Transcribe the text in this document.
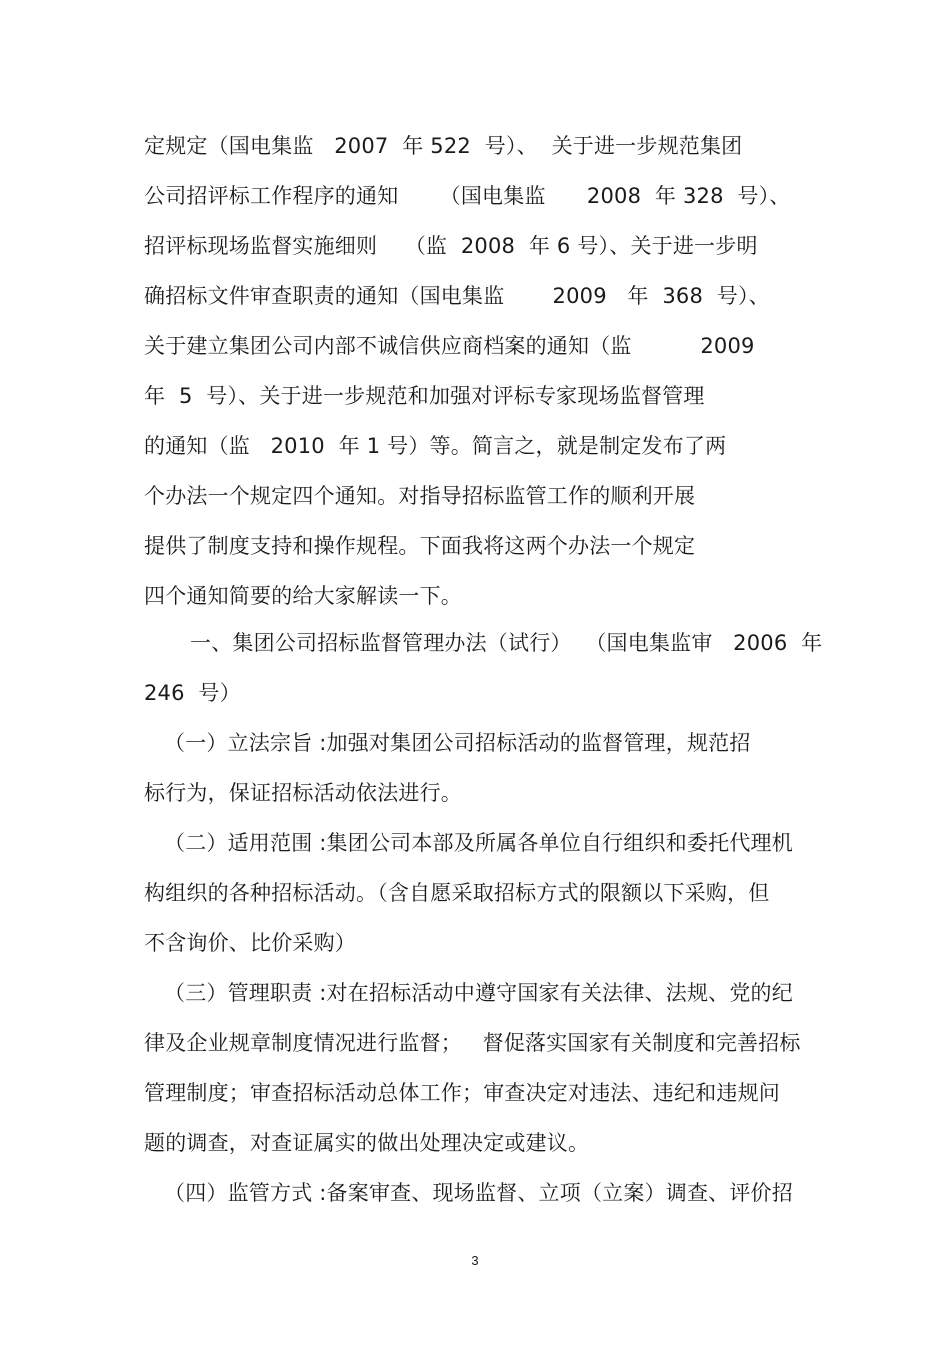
定规定（国电集监   2007  年 522  号）、  关于进一步规范集团
公司招评标工作程序的通知      （国电集监      2008  年 328  号）、
招评标现场监督实施细则    （监  2008  年 6 号）、关于进一步明
确招标文件审查职责的通知（国电集监       2009   年  368  号）、
关于建立集团公司内部不诚信供应商档案的通知（监          2009
年  5  号）、关于进一步规范和加强对评标专家现场监督管理
的通知（监   2010  年 1 号）等。简言之，就是制定发布了两
个办法一个规定四个通知。对指导招标监管工作的顺利开展
提供了制度支持和操作规程。下面我将这两个办法一个规定
四个通知简要的给大家解读一下。
一、集团公司招标监督管理办法（试行）  （国电集监审   2006  年
246  号）
（一）立法宗旨 :加强对集团公司招标活动的监督管理，规范招
标行为，保证招标活动依法进行。
（二）适用范围 :集团公司本部及所属各单位自行组织和委托代理机
构组织的各种招标活动。（含自愿采取招标方式的限额以下采购，但
不含询价、比价采购）
（三）管理职责 :对在招标活动中遵守国家有关法律、法规、党的纪
律及企业规章制度情况进行监督；   督促落实国家有关制度和完善招标
管理制度；审查招标活动总体工作；审查决定对违法、违纪和违规问
题的调查，对查证属实的做出处理决定或建议。
（四）监管方式 :备案审查、现场监督、立项（立案）调查、评价招
3
